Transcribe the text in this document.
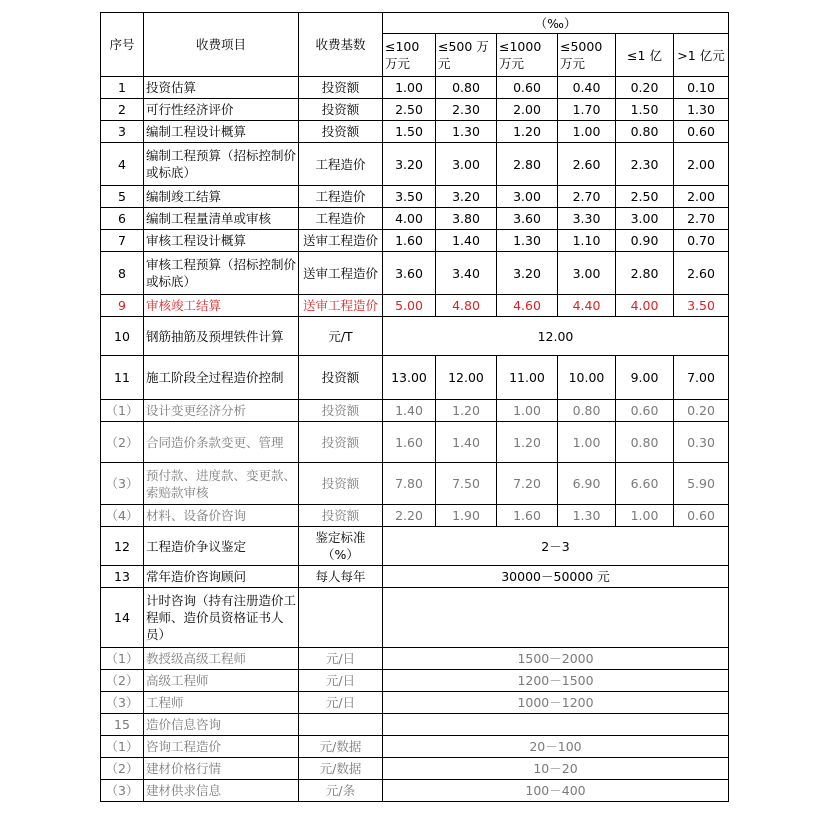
序号	收费项目	收费基数	（‰）					
			≤100 万元	≤500 万元	≤1000 万元	≤5000 万元	≤1 亿	>1 亿元
1	投资估算	投资额	1.00	0.80	0.60	0.40	0.20	0.10
2	可行性经济评价	投资额	2.50	2.30	2.00	1.70	1.50	1.30
3	编制工程设计概算	投资额	1.50	1.30	1.20	1.00	0.80	0.60
4	编制工程预算（招标控制价或标底）	工程造价	3.20	3.00	2.80	2.60	2.30	2.00
5	编制竣工结算	工程造价	3.50	3.20	3.00	2.70	2.50	2.00
6	编制工程量清单或审核	工程造价	4.00	3.80	3.60	3.30	3.00	2.70
7	审核工程设计概算	送审工程造价	1.60	1.40	1.30	1.10	0.90	0.70
8	审核工程预算（招标控制价或标底）	送审工程造价	3.60	3.40	3.20	3.00	2.80	2.60
9	审核竣工结算	送审工程造价	5.00	4.80	4.60	4.40	4.00	3.50
10	钢筋抽筋及预埋铁件计算	元/T	12.00					
11	施工阶段全过程造价控制	投资额	13.00	12.00	11.00	10.00	9.00	7.00
（1）	设计变更经济分析	投资额	1.40	1.20	1.00	0.80	0.60	0.20
（2）	合同造价条款变更、管理	投资额	1.60	1.40	1.20	1.00	0.80	0.30
（3）	预付款、进度款、变更款、索赔款审核	投资额	7.80	7.50	7.20	6.90	6.60	5.90
（4）	材料、设备价咨询	投资额	2.20	1.90	1.60	1.30	1.00	0.60
12	工程造价争议鉴定	鉴定标准（%）	2－3					
13	常年造价咨询顾问	每人每年	30000－50000 元					
14	计时咨询（持有注册造价工程师、造价员资格证书人员）							
（1）	教授级高级工程师	元/日	1500－2000					
（2）	高级工程师	元/日	1200－1500					
（3）	工程师	元/日	1000－1200					
15	造价信息咨询							
（1）	咨询工程造价	元/数据	20－100					
（2）	建材价格行情	元/数据	10－20					
（3）	建材供求信息	元/条	100－400					
